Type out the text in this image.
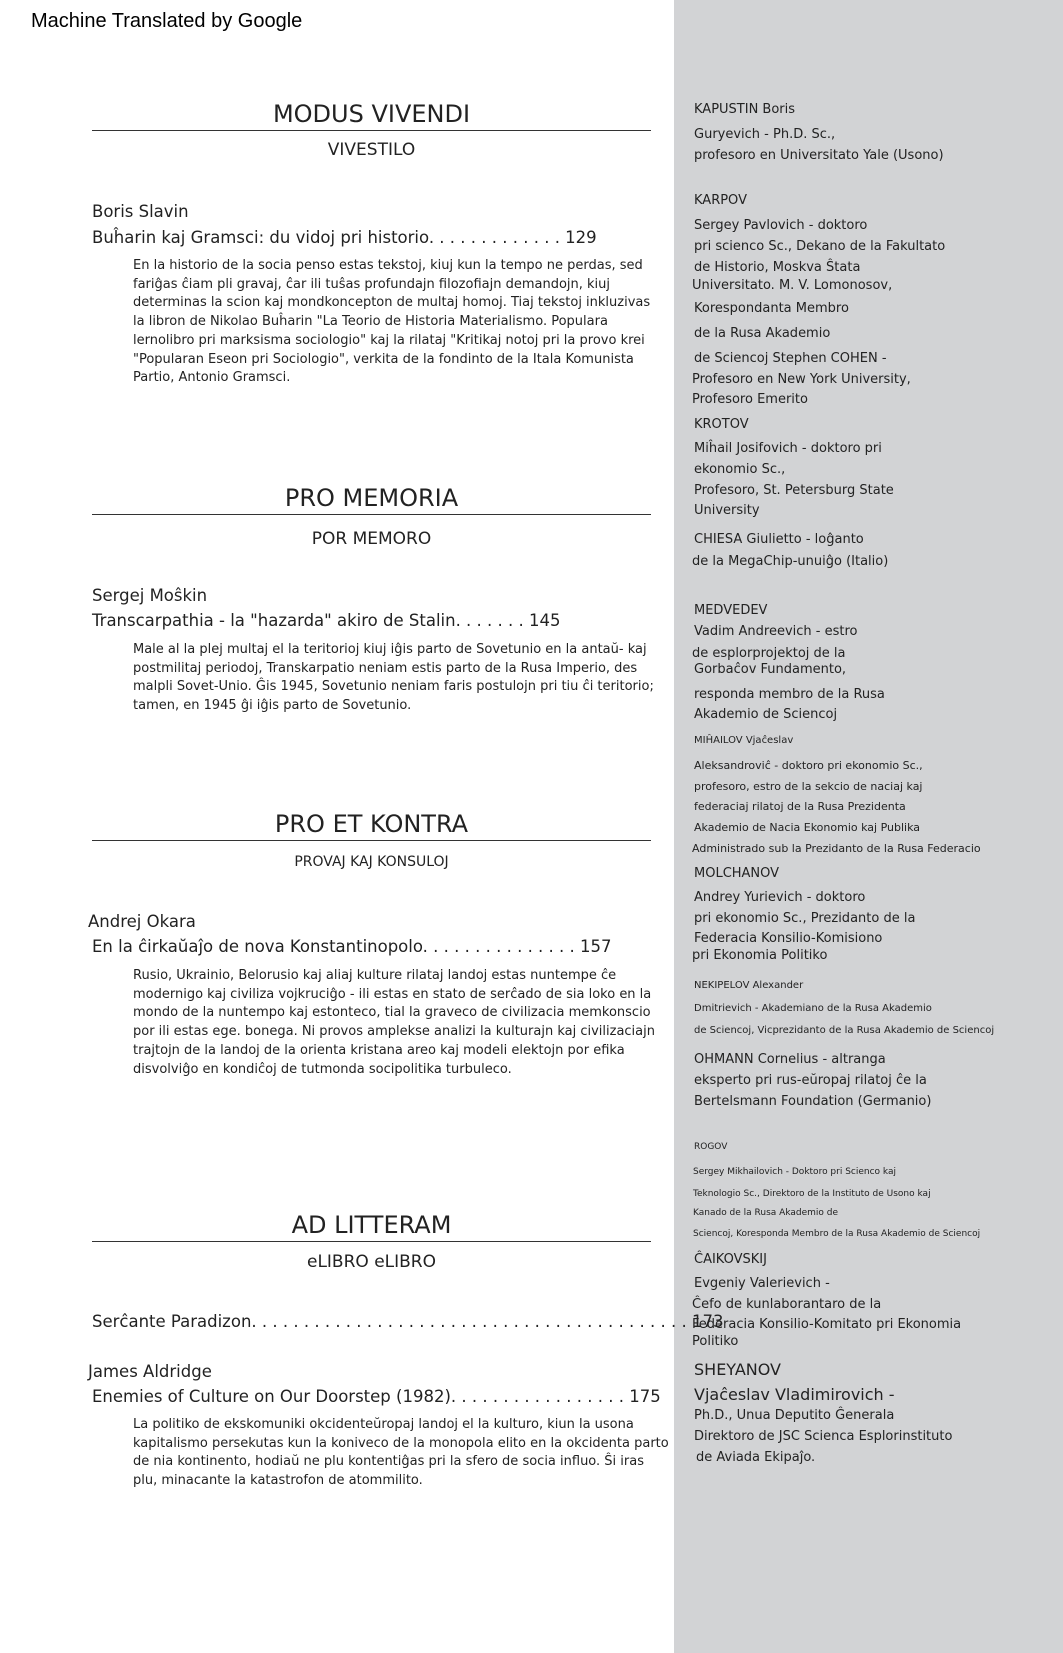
Machine Translated by Google
MODUS VIVENDI
VIVESTILO
Boris Slavin
Buĥarin kaj Gramsci: du vidoj pri historio. . . . . . . . . . . . . 129
En la historio de la socia penso estas tekstoj, kiuj kun la tempo ne perdas, sed
fariĝas ĉiam pli gravaj, ĉar ili tuŝas profundajn filozofiajn demandojn, kiuj
determinas la scion kaj mondkoncepton de multaj homoj. Tiaj tekstoj inkluzivas
la libron de Nikolao Buĥarin "La Teorio de Historia Materialismo. Populara
lernolibro pri marksisma sociologio" kaj la rilataj "Kritikaj notoj pri la provo krei
"Popularan Eseon pri Sociologio", verkita de la fondinto de la Itala Komunista
Partio, Antonio Gramsci.
PRO MEMORIA
POR MEMORO
Sergej Moŝkin
Transcarpathia - la "hazarda" akiro de Stalin. . . . . . . 145
Male al la plej multaj el la teritorioj kiuj iĝis parto de Sovetunio en la antaŭ- kaj
postmilitaj periodoj, Transkarpatio neniam estis parto de la Rusa Imperio, des
malpli Sovet-Unio. Ĝis 1945, Sovetunio neniam faris postulojn pri tiu ĉi teritorio;
tamen, en 1945 ĝi iĝis parto de Sovetunio.
PRO ET KONTRA
PROVAJ KAJ KONSULOJ
Andrej Okara
En la ĉirkaŭaĵo de nova Konstantinopolo. . . . . . . . . . . . . . . 157
Rusio, Ukrainio, Belorusio kaj aliaj kulture rilataj landoj estas nuntempe ĉe
modernigo kaj civiliza vojkruciĝo - ili estas en stato de serĉado de sia loko en la
mondo de la nuntempo kaj estonteco, tial la graveco de civilizacia memkonscio
por ili estas ege. bonega. Ni provos amplekse analizi la kulturajn kaj civilizaciajn
trajtojn de la landoj de la orienta kristana areo kaj modeli elektojn por efika
disvolviĝo en kondiĉoj de tutmonda socipolitika turbuleco.
AD LITTERAM
eLIBRO eLIBRO
Serĉante Paradizon. . . . . . . . . . . . . . . . . . . . . . . . . . . . . . . . . . . . . . . . . . 173
James Aldridge
Enemies of Culture on Our Doorstep (1982). . . . . . . . . . . . . . . . . 175
La politiko de ekskomuniki okcidenteŭropaj landoj el la kulturo, kiun la usona
kapitalismo persekutas kun la koniveco de la monopola elito en la okcidenta parto
de nia kontinento, hodiaŭ ne plu kontentiĝas pri la sfero de socia influo. Ŝi iras
plu, minacante la katastrofon de atommilito.
KAPUSTIN Boris
Guryevich - Ph.D. Sc.,
profesoro en Universitato Yale (Usono)
KARPOV
Sergey Pavlovich - doktoro
pri scienco Sc., Dekano de la Fakultato
de Historio, Moskva Ŝtata
Universitato. M. V. Lomonosov,
Korespondanta Membro
de la Rusa Akademio
de Sciencoj Stephen COHEN -
Profesoro en New York University,
Profesoro Emerito
KROTOV
Miĥail Josifovich - doktoro pri
ekonomio Sc.,
Profesoro, St. Petersburg State
University
CHIESA Giulietto - loĝanto
de la MegaChip-unuiĝo (Italio)
MEDVEDEV
Vadim Andreevich - estro
de esplorprojektoj de la
Gorbaĉov Fundamento,
responda membro de la Rusa
Akademio de Sciencoj
MIĤAILOV Vjaĉeslav
Aleksandroviĉ - doktoro pri ekonomio Sc.,
profesoro, estro de la sekcio de naciaj kaj
federaciaj rilatoj de la Rusa Prezidenta
Akademio de Nacia Ekonomio kaj Publika
Administrado sub la Prezidanto de la Rusa Federacio
MOLCHANOV
Andrey Yurievich - doktoro
pri ekonomio Sc., Prezidanto de la
Federacia Konsilio-Komisiono
pri Ekonomia Politiko
NEKIPELOV Alexander
Dmitrievich - Akademiano de la Rusa Akademio
de Sciencoj, Vicprezidanto de la Rusa Akademio de Sciencoj
OHMANN Cornelius - altranga
eksperto pri rus-eŭropaj rilatoj ĉe la
Bertelsmann Foundation (Germanio)
ROGOV
Sergey Mikhailovich - Doktoro pri Scienco kaj
Teknologio Sc., Direktoro de la Instituto de Usono kaj
Kanado de la Rusa Akademio de
Sciencoj, Korespondа Membro de la Rusa Akademio de Sciencoj
ĈAIKOVSKIJ
Evgeniy Valerievich -
Ĉefo de kunlaborantaro de la
Federacia Konsilio-Komitato pri Ekonomia
Politiko
SHEYANOV
Vjaĉeslav Vladimirovich -
Ph.D., Unua Deputito Ĝenerala
Direktoro de JSC Scienca Esplorinstituto
de Aviada Ekipaĵo.
